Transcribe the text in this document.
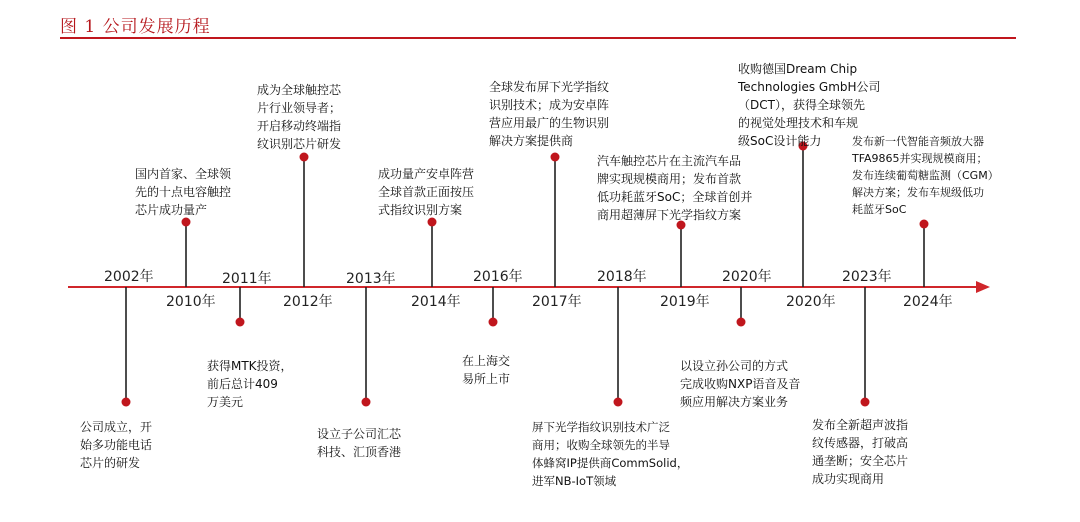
图 1 公司发展历程
2002年
2010年
2011年
2012年
2013年
2014年
2016年
2017年
2018年
2019年
2020年
2020年
2023年
2024年
国内首家、全球领
先的十点电容触控
芯片成功量产
成为全球触控芯
片行业领导者；
开启移动终端指
纹识别芯片研发
成功量产安卓阵营
全球首款正面按压
式指纹识别方案
全球发布屏下光学指纹
识别技术；成为安卓阵
营应用最广的生物识别
解决方案提供商
汽车触控芯片在主流汽车品
牌实现规模商用；发布首款
低功耗蓝牙SoC；全球首创并
商用超薄屏下光学指纹方案
收购德国Dream Chip
Technologies GmbH公司
（DCT），获得全球领先
的视觉处理技术和车规
级SoC设计能力	发布新一代智能音频放大器
TFA9865并实现规模商用；
发布连续葡萄糖监测（CGM）
解决方案；发布车规级低功
耗蓝牙SoC
公司成立，开
始多功能电话
芯片的研发
获得MTK投资，
前后总计409
万美元
设立子公司汇芯
科技、汇顶香港
在上海交
易所上市
屏下光学指纹识别技术广泛
商用；收购全球领先的半导
体蜂窝IP提供商CommSolid，
进军NB-IoT领域
以设立孙公司的方式
完成收购NXP语音及音
频应用解决方案业务
发布全新超声波指
纹传感器，打破高
通垄断；安全芯片
成功实现商用
